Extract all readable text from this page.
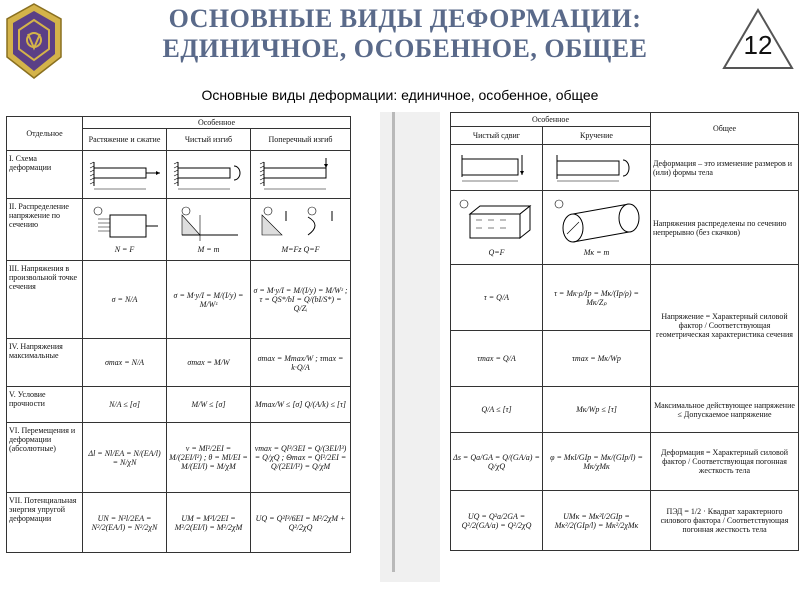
ОСНОВНЫЕ ВИДЫ ДЕФОРМАЦИИ:
ЕДИНИЧНОЕ, ОСОБЕННОЕ, ОБЩЕЕ	12
Основные виды деформации: единичное, особенное, общее
Отдельное	Особенное		
	Растяжение и сжатие	Чистый изгиб	Поперечный изгиб
I. Схема деформации	

II. Распределение напряжение по сечению	N = F	M = m	M=Fz Q=F

III. Напряжения в произвольной точке сечения	σ = N/A	σ = M·y/I = M/(I/y) = M/Wᶻ	σ = M·y/I = M/(I/y) = M/Wᶻ ; τ = QS*/bI = Q/(bI/S*) = Q/Zᵢ
IV. Напряжения максимальные	σmax = N/A	σmax = M/W	σmax = Mmax/W ; τmax = k·Q/A
V. Условие прочности	N/A ≤ [σ]	M/W ≤ [σ]	Mmax/W ≤ [σ] Q/(A/k) ≤ [τ]
VI. Перемещения и деформации (абсолютные)	Δl = Nl/EA = N/(EA/l) = N/χN	ν = Ml²/2EI = M/(2EI/l²) ; θ = Ml/EI = M/(EI/l) = M/χM	νmax = Ql³/3EI = Q/(3EI/l³) = Q/χQ ; Θmax = Ql²/2EI = Q/(2EI/l²) = Q/χM
VII. Потенциальная энергия упругой деформации	UN = N²l/2EA = N²/2(EA/l) = N²/2χN	UM = M²l/2EI = M²/2(EI/l) = M²/2χM	UQ = Q²l³/6EI = M²/2χM + Q²/2χQ
Особенное		Общее
Чистый сдвиг	Кручение	

	Деформация – это изменение размеров и (или) формы тела

Q=F	Mк = m	Напряжения распределены по сечению непрерывно (без скачков)
τ = Q/A	τ = Mк·ρ/Ip = Mк/(Ip/ρ) = Mк/Zₚ	Напряжение = Характерный силовой фактор / Соответствующая геометрическая характеристика сечения
τmax = Q/A	τmax = Mк/Wp	
Q/A ≤ [τ]	Mк/Wp ≤ [τ]	Максимальное действующее напряжение ≤ Допускаемое напряжение
Δs = Qa/GA = Q/(GA/a) = Q/χQ	φ = Mкl/GIp = Mк/(GIp/l) = Mк/χMк	Деформация = Характерный силовой фактор / Соответствующая погонная жесткость тела
UQ = Q²a/2GA = Q²/2(GA/a) = Q²/2χQ	UMк = Mк²l/2GIp = Mк²/2(GIp/l) = Mк²/2χMк	ПЭД = 1/2 · Квадрат характерного силового фактора / Соответствующая погонная жесткость тела
